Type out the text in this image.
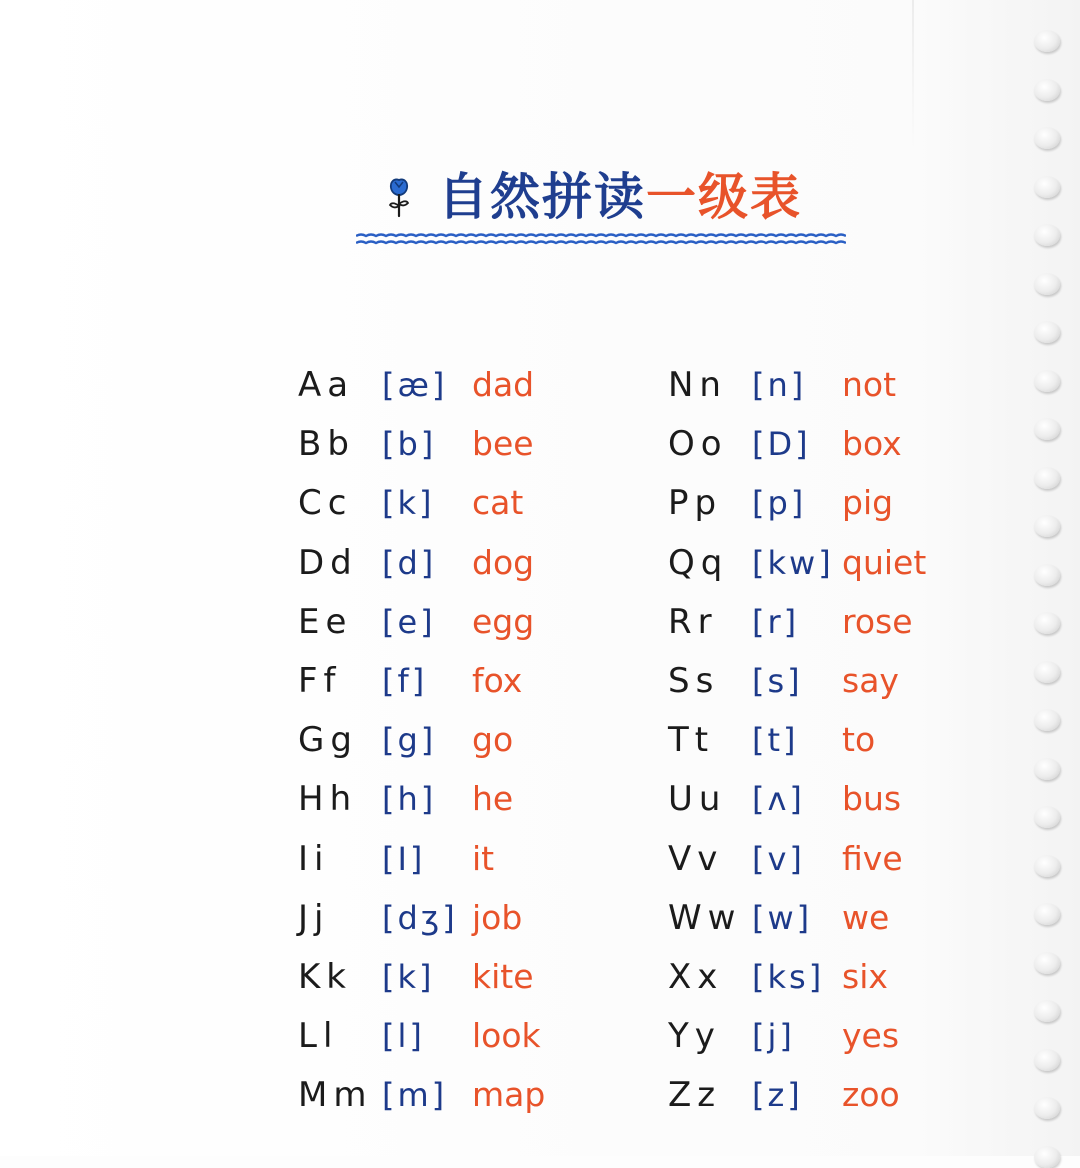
自然拼读一级表
Aa [æ] dad
Bb [b] bee
Cc [k] cat
Dd [d] dog
Ee [e] egg
Ff [f] fox
Gg [g] go
Hh [h] he
Ii [I] it
Jj [dʒ] job
Kk [k] kite
Ll [l] look
Mm [m] map
Nn [n] not
Oo [D] box
Pp [p] pig
Qq [kw] quiet
Rr [r] rose
Ss [s] say
Tt [t] to
Uu [ʌ] bus
Vv [v] five
Ww [w] we
Xx [ks] six
Yy [j] yes
Zz [z] zoo
